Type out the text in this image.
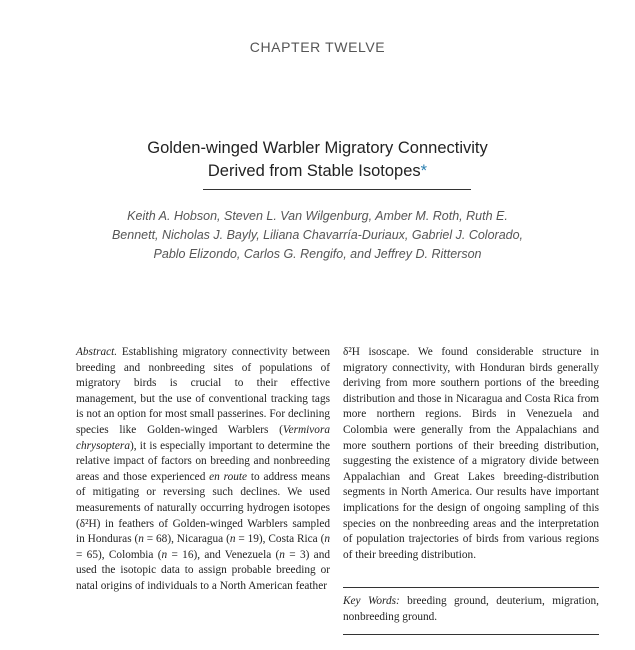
CHAPTER TWELVE
Golden-winged Warbler Migratory Connectivity
Derived from Stable Isotopes*
Keith A. Hobson, Steven L. Van Wilgenburg, Amber M. Roth, Ruth E.
Bennett, Nicholas J. Bayly, Liliana Chavarría-Duriaux, Gabriel J. Colorado,
Pablo Elizondo, Carlos G. Rengifo, and Jeffrey D. Ritterson
Abstract. Establishing migratory connectivity between breeding and nonbreeding sites of populations of migratory birds is crucial to their effective management, but the use of conventional tracking tags is not an option for most small passerines. For declining species like Golden-winged Warblers (Vermivora chrysoptera), it is especially important to determine the relative impact of factors on breeding and nonbreeding areas and those experienced en route to address means of mitigating or reversing such declines. We used measurements of naturally occurring hydrogen isotopes (δ²H) in feathers of Golden-winged Warblers sampled in Honduras (n = 68), Nicaragua (n = 19), Costa Rica (n = 65), Colombia (n = 16), and Venezuela (n = 3) and used the isotopic data to assign probable breeding or natal origins of individuals to a North American feather
δ²H isoscape. We found considerable structure in migratory connectivity, with Honduran birds generally deriving from more southern portions of the breeding distribution and those in Nicaragua and Costa Rica from more northern regions. Birds in Venezuela and Colombia were generally from the Appalachians and more southern portions of their breeding distribution, suggesting the existence of a migratory divide between Appalachian and Great Lakes breeding-distribution segments in North America. Our results have important implications for the design of ongoing sampling of this species on the nonbreeding areas and the interpretation of population trajectories of birds from various regions of their breeding distribution.
Key Words: breeding ground, deuterium, migration, nonbreeding ground.
